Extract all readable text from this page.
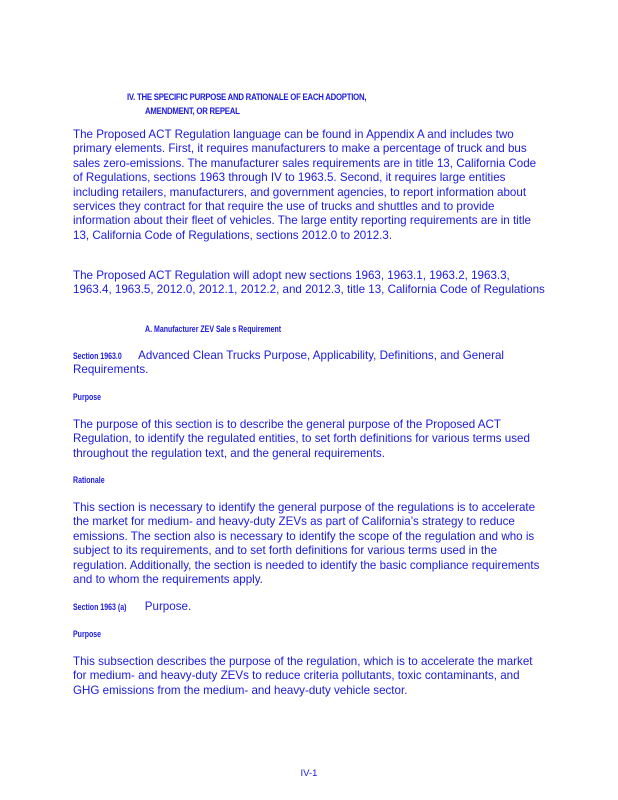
IV. THE SPECIFIC PURPOSE AND RATIONALE OF EACH ADOPTION,
AMENDMENT, OR REPEAL
The Proposed ACT Regulation language can be found in Appendix A and includes two primary elements. First, it requires manufacturers to make a percentage of truck and bus sales zero-emissions. The manufacturer sales requirements are in title 13, California Code of Regulations, sections 1963 through IV to 1963.5. Second, it requires large entities including retailers, manufacturers, and government agencies, to report information about services they contract for that require the use of trucks and shuttles and to provide information about their fleet of vehicles. The large entity reporting requirements are in title 13, California Code of Regulations, sections 2012.0 to 2012.3.
The Proposed ACT Regulation will adopt new sections 1963, 1963.1, 1963.2, 1963.3, 1963.4, 1963.5, 2012.0, 2012.1, 2012.2, and 2012.3, title 13, California Code of Regulations
A. Manufacturer ZEV Sale s Requirement
Section 1963.0 Advanced Clean Trucks Purpose, Applicability, Definitions, and General Requirements.
Purpose
The purpose of this section is to describe the general purpose of the Proposed ACT Regulation, to identify the regulated entities, to set forth definitions for various terms used throughout the regulation text, and the general requirements.
Rationale
This section is necessary to identify the general purpose of the regulations is to accelerate the market for medium- and heavy-duty ZEVs as part of California’s strategy to reduce emissions. The section also is necessary to identify the scope of the regulation and who is subject to its requirements, and to set forth definitions for various terms used in the regulation. Additionally, the section is needed to identify the basic compliance requirements and to whom the requirements apply.
Section 1963 (a) Purpose.
Purpose
This subsection describes the purpose of the regulation, which is to accelerate the market for medium- and heavy-duty ZEVs to reduce criteria pollutants, toxic contaminants, and GHG emissions from the medium- and heavy-duty vehicle sector.
IV-1
